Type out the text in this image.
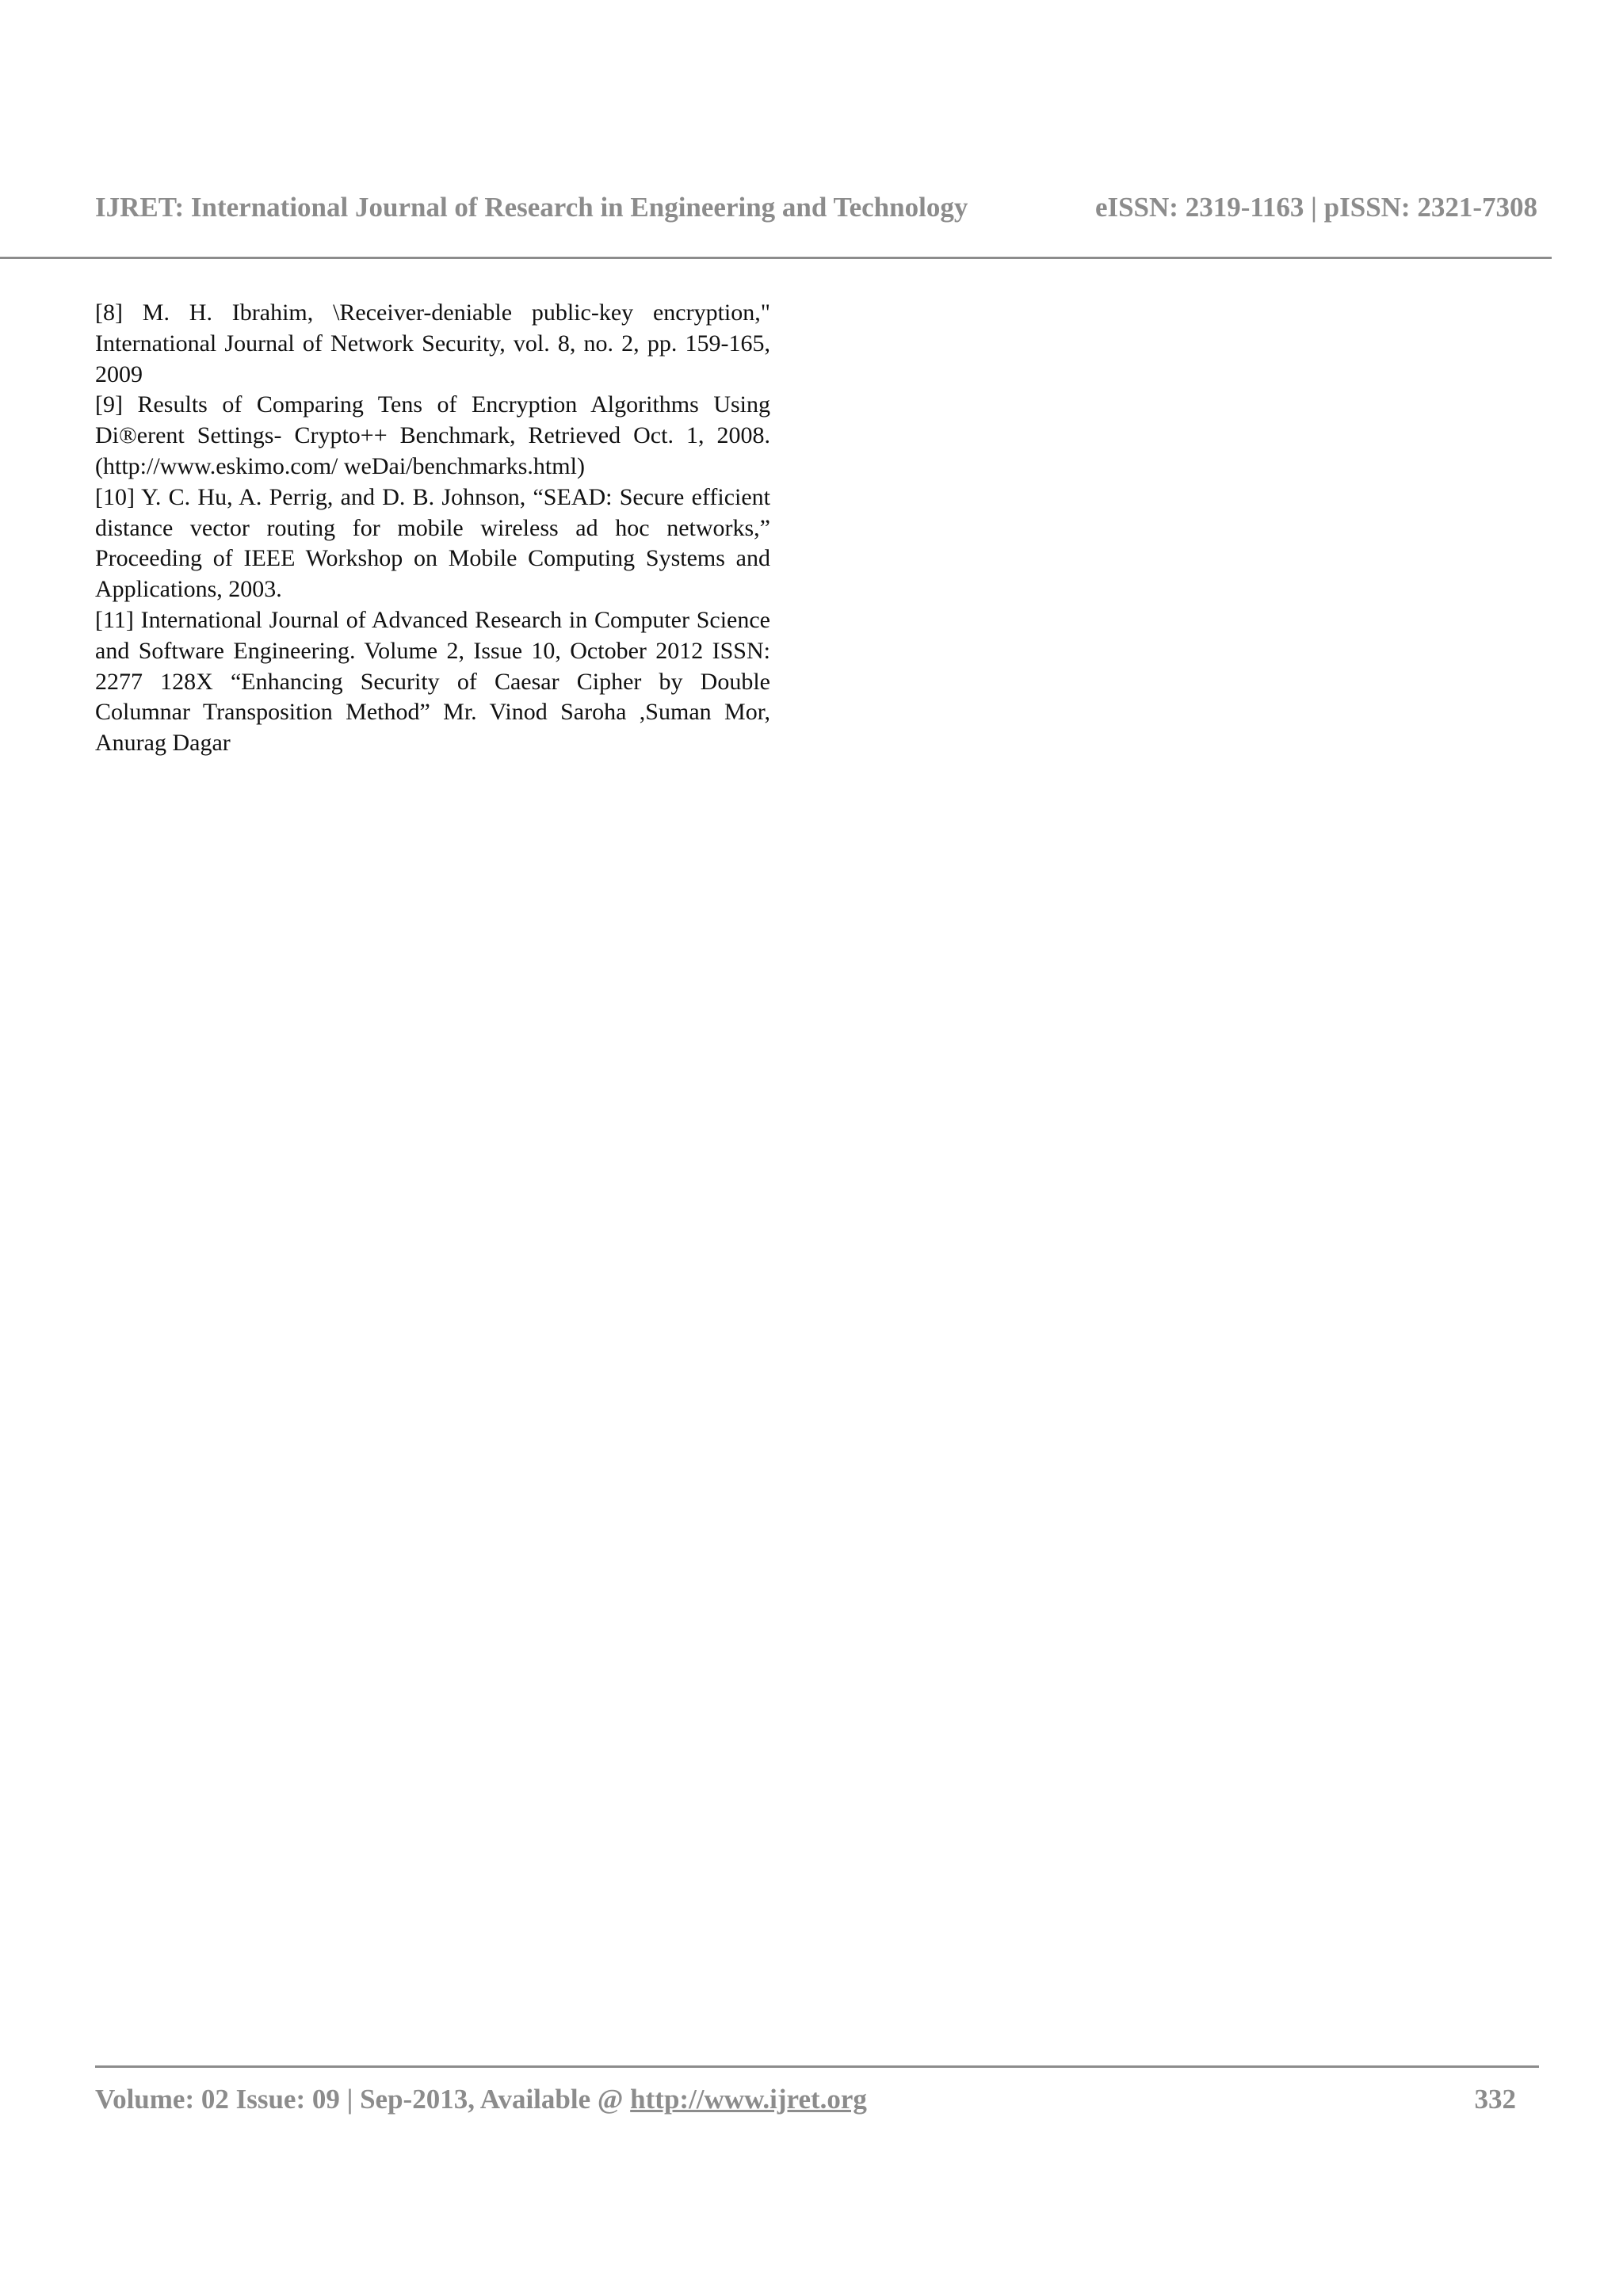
IJRET: International Journal of Research in Engineering and Technology	eISSN: 2319-1163 | pISSN: 2321-7308

[8] M. H. Ibrahim, \Receiver-deniable public-key encryption," International Journal of Network Security, vol. 8, no. 2, pp. 159-165, 2009

[9] Results of Comparing Tens of Encryption Algorithms Using Di®erent Settings- Crypto++ Benchmark, Retrieved Oct. 1, 2008. (http://www.eskimo.com/ weDai/benchmarks.html)

[10] Y. C. Hu, A. Perrig, and D. B. Johnson, “SEAD: Secure efficient distance vector routing for mobile wireless ad hoc networks,” Proceeding of IEEE Workshop on Mobile Computing Systems and Applications, 2003.

[11] International Journal of Advanced Research in Computer Science and Software Engineering. Volume 2, Issue 10, October 2012 ISSN: 2277 128X “Enhancing Security of Caesar Cipher by Double Columnar Transposition Method” Mr. Vinod Saroha ,Suman Mor, Anurag Dagar

Volume: 02 Issue: 09 | Sep-2013, Available @ http://www.ijret.org	332
